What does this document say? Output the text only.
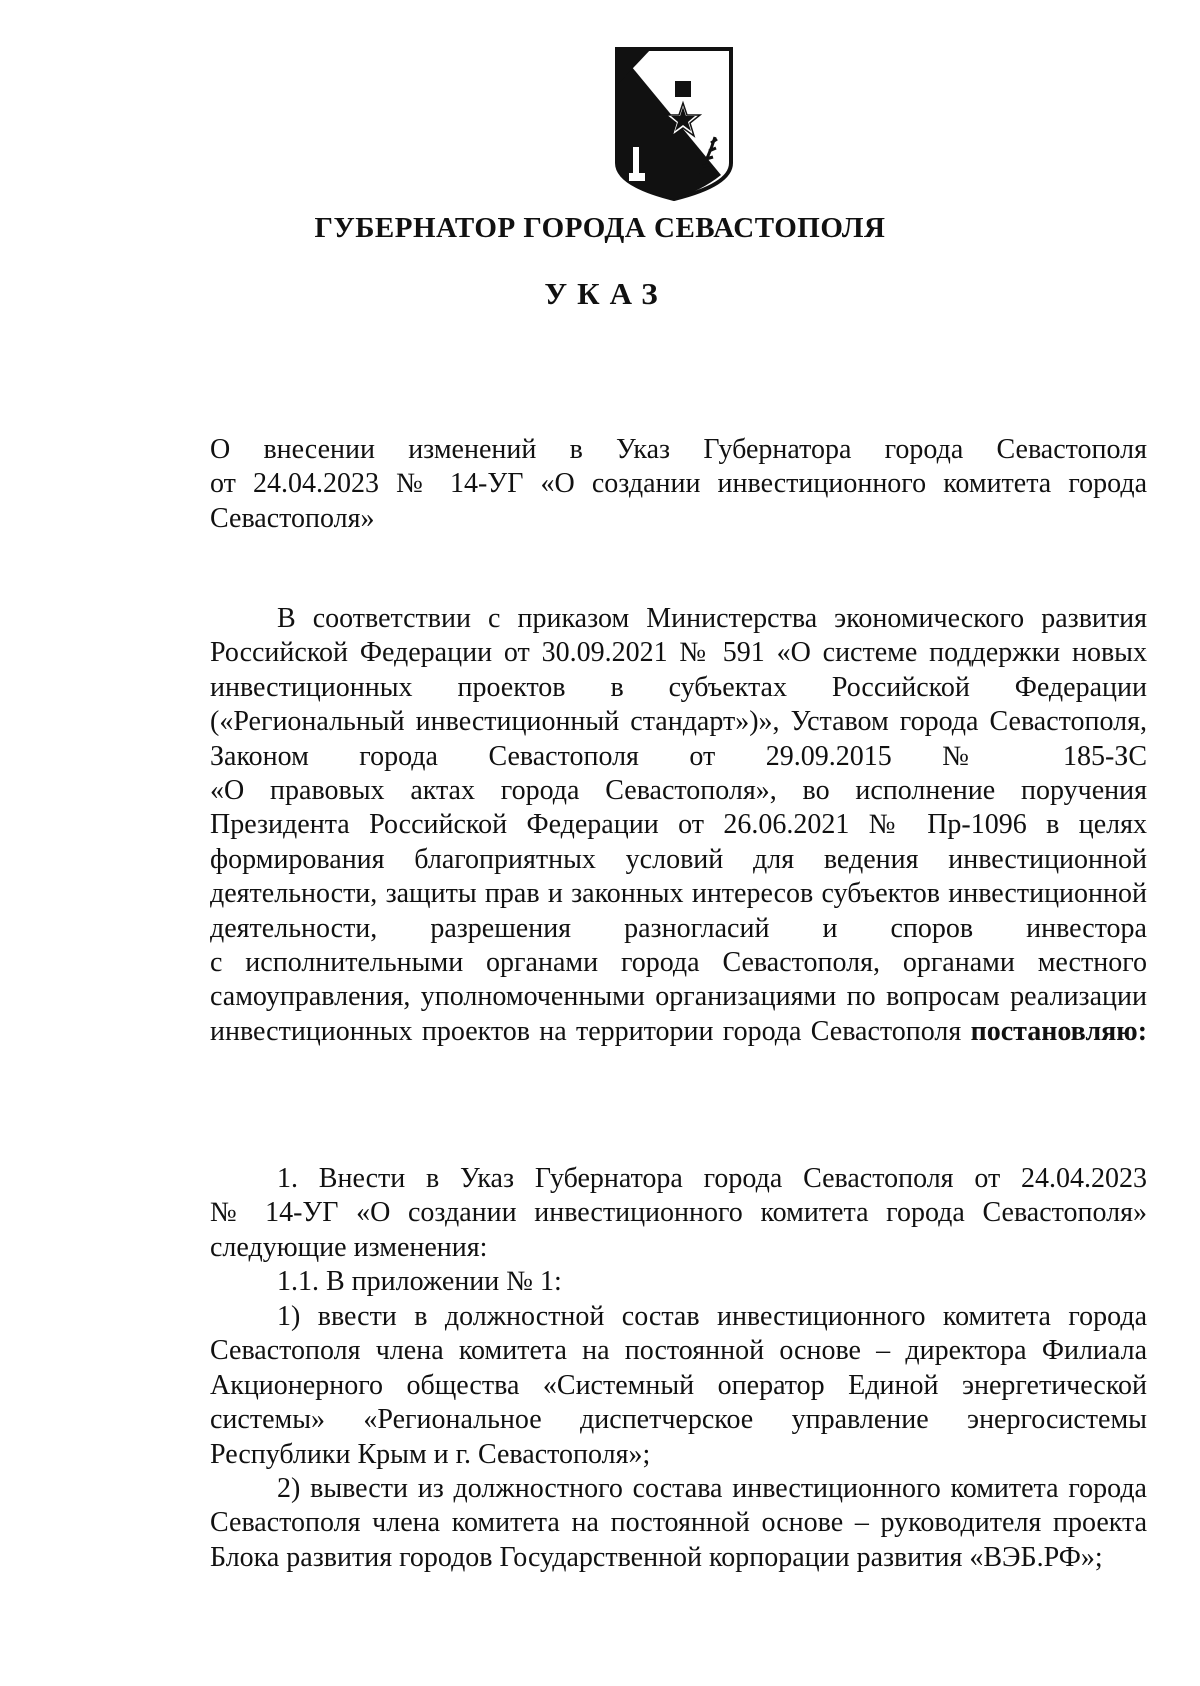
ГУБЕРНАТОР ГОРОДА СЕВАСТОПОЛЯ
УКАЗ
О внесении изменений в Указ Губернатора города Севастополя
от 24.04.2023 № 14-УГ «О создании инвестиционного комитета города
Севастополя»
В соответствии с приказом Министерства экономического развития
Российской Федерации от 30.09.2021 № 591 «О системе поддержки новых
инвестиционных проектов в субъектах Российской Федерации
(«Региональный инвестиционный стандарт»)», Уставом города Севастополя,
Законом города Севастополя от 29.09.2015 № 185-ЗС
«О правовых актах города Севастополя», во исполнение поручения
Президента Российской Федерации от 26.06.2021 № Пр-1096 в целях
формирования благоприятных условий для ведения инвестиционной
деятельности, защиты прав и законных интересов субъектов инвестиционной
деятельности, разрешения разногласий и споров инвестора
с исполнительными органами города Севастополя, органами местного
самоуправления, уполномоченными организациями по вопросам реализации
инвестиционных проектов на территории города Севастополя постановляю:
1. Внести в Указ Губернатора города Севастополя от 24.04.2023
№ 14-УГ «О создании инвестиционного комитета города Севастополя»
следующие изменения:
1.1. В приложении № 1:
1) ввести в должностной состав инвестиционного комитета города
Севастополя члена комитета на постоянной основе – директора Филиала
Акционерного общества «Системный оператор Единой энергетической
системы» «Региональное диспетчерское управление энергосистемы
Республики Крым и г. Севастополя»;
2) вывести из должностного состава инвестиционного комитета города
Севастополя члена комитета на постоянной основе – руководителя проекта
Блока развития городов Государственной корпорации развития «ВЭБ.РФ»;
